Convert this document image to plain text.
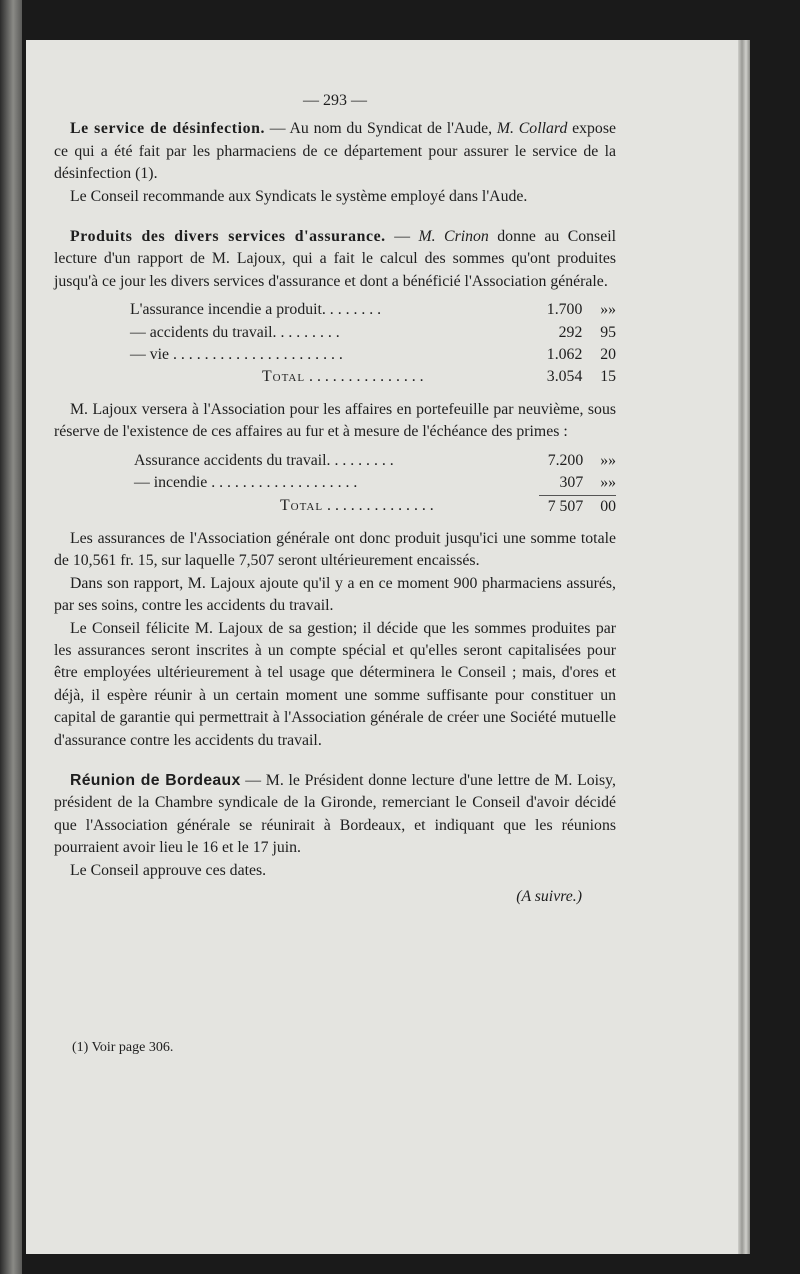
— 293 —

Le service de désinfection. — Au nom du Syndicat de l'Aude, M. Collard expose ce qui a été fait par les pharmaciens de ce département pour assurer le service de la désinfection (1).

Le Conseil recommande aux Syndicats le système employé dans l'Aude.

Produits des divers services d'assurance. — M. Crinon donne au Conseil lecture d'un rapport de M. Lajoux, qui a fait le calcul des sommes qu'ont produites jusqu'à ce jour les divers services d'assurance et dont a bénéficié l'Association générale.

L'assurance incendie a produit. . . . . . . .	1.700	»»
— accidents du travail. . . . . . . . .	292	95
— vie . . . . . . . . . . . . . . . . . . . . . .	1.062	20
Total . . . . . . . . . . . . . . .	3.054	15

M. Lajoux versera à l'Association pour les affaires en portefeuille par neuvième, sous réserve de l'existence de ces affaires au fur et à mesure de l'échéance des primes :

Assurance accidents du travail. . . . . . . . .	7.200	»»
— incendie . . . . . . . . . . . . . . . . . . .	307	»»
Total . . . . . . . . . . . . . .	7 507	00

Les assurances de l'Association générale ont donc produit jusqu'ici une somme totale de 10,561 fr. 15, sur laquelle 7,507 seront ultérieurement encaissés.

Dans son rapport, M. Lajoux ajoute qu'il y a en ce moment 900 pharmaciens assurés, par ses soins, contre les accidents du travail.

Le Conseil félicite M. Lajoux de sa gestion; il décide que les sommes produites par les assurances seront inscrites à un compte spécial et qu'elles seront capitalisées pour être employées ultérieurement à tel usage que déterminera le Conseil ; mais, d'ores et déjà, il espère réunir à un certain moment une somme suffisante pour constituer un capital de garantie qui permettrait à l'Association générale de créer une Société mutuelle d'assurance contre les accidents du travail.

Réunion de Bordeaux — M. le Président donne lecture d'une lettre de M. Loisy, président de la Chambre syndicale de la Gironde, remerciant le Conseil d'avoir décidé que l'Association générale se réunirait à Bordeaux, et indiquant que les réunions pourraient avoir lieu le 16 et le 17 juin.

Le Conseil approuve ces dates.

(A suivre.)
(1) Voir page 306.
